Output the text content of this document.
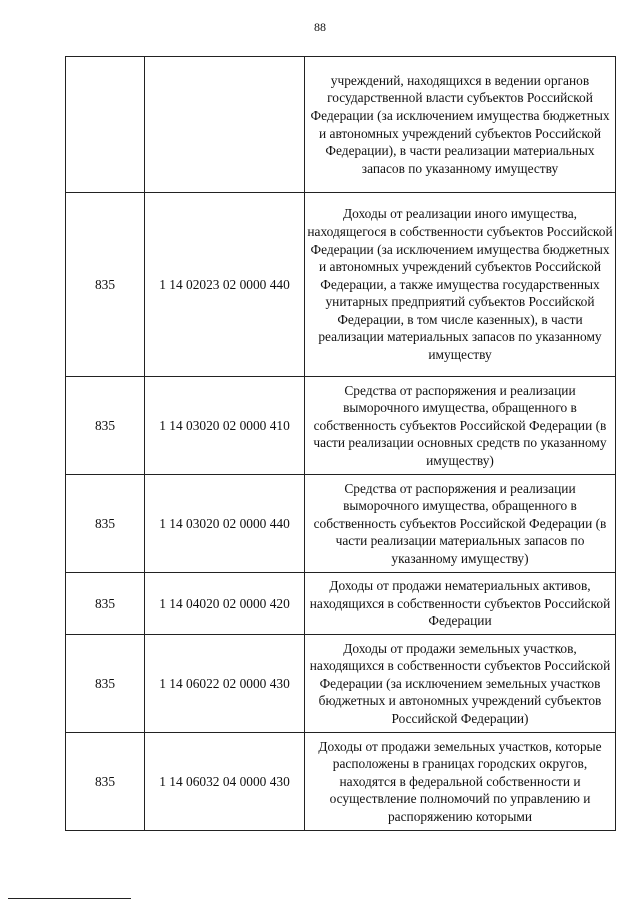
88
		учреждений, находящихся в ведении органов государственной власти субъектов Российской Федерации (за исключением имущества бюджетных и автономных учреждений субъектов Российской Федерации), в части реализации материальных запасов по указанному имуществу
835	1 14 02023 02 0000 440	Доходы от реализации иного имущества, находящегося в собственности субъектов Российской Федерации (за исключением имущества бюджетных и автономных учреждений субъектов Российской Федерации, а также имущества государственных унитарных предприятий субъектов Российской Федерации, в том числе казенных), в части реализации материальных запасов по указанному имуществу
835	1 14 03020 02 0000 410	Средства от распоряжения и реализации выморочного имущества, обращенного в собственность субъектов Российской Федерации (в части реализации основных средств по указанному имуществу)
835	1 14 03020 02 0000 440	Средства от распоряжения и реализации выморочного имущества, обращенного в собственность субъектов Российской Федерации (в части реализации материальных запасов по указанному имуществу)
835	1 14 04020 02 0000 420	Доходы от продажи нематериальных активов, находящихся в собственности субъектов Российской Федерации
835	1 14 06022 02 0000 430	Доходы от продажи земельных участков, находящихся в собственности субъектов Российской Федерации (за исключением земельных участков бюджетных и автономных учреждений субъектов Российской Федерации)
835	1 14 06032 04 0000 430	Доходы от продажи земельных участков, которые расположены в границах городских округов, находятся в федеральной собственности и осуществление полномочий по управлению и распоряжению которыми
